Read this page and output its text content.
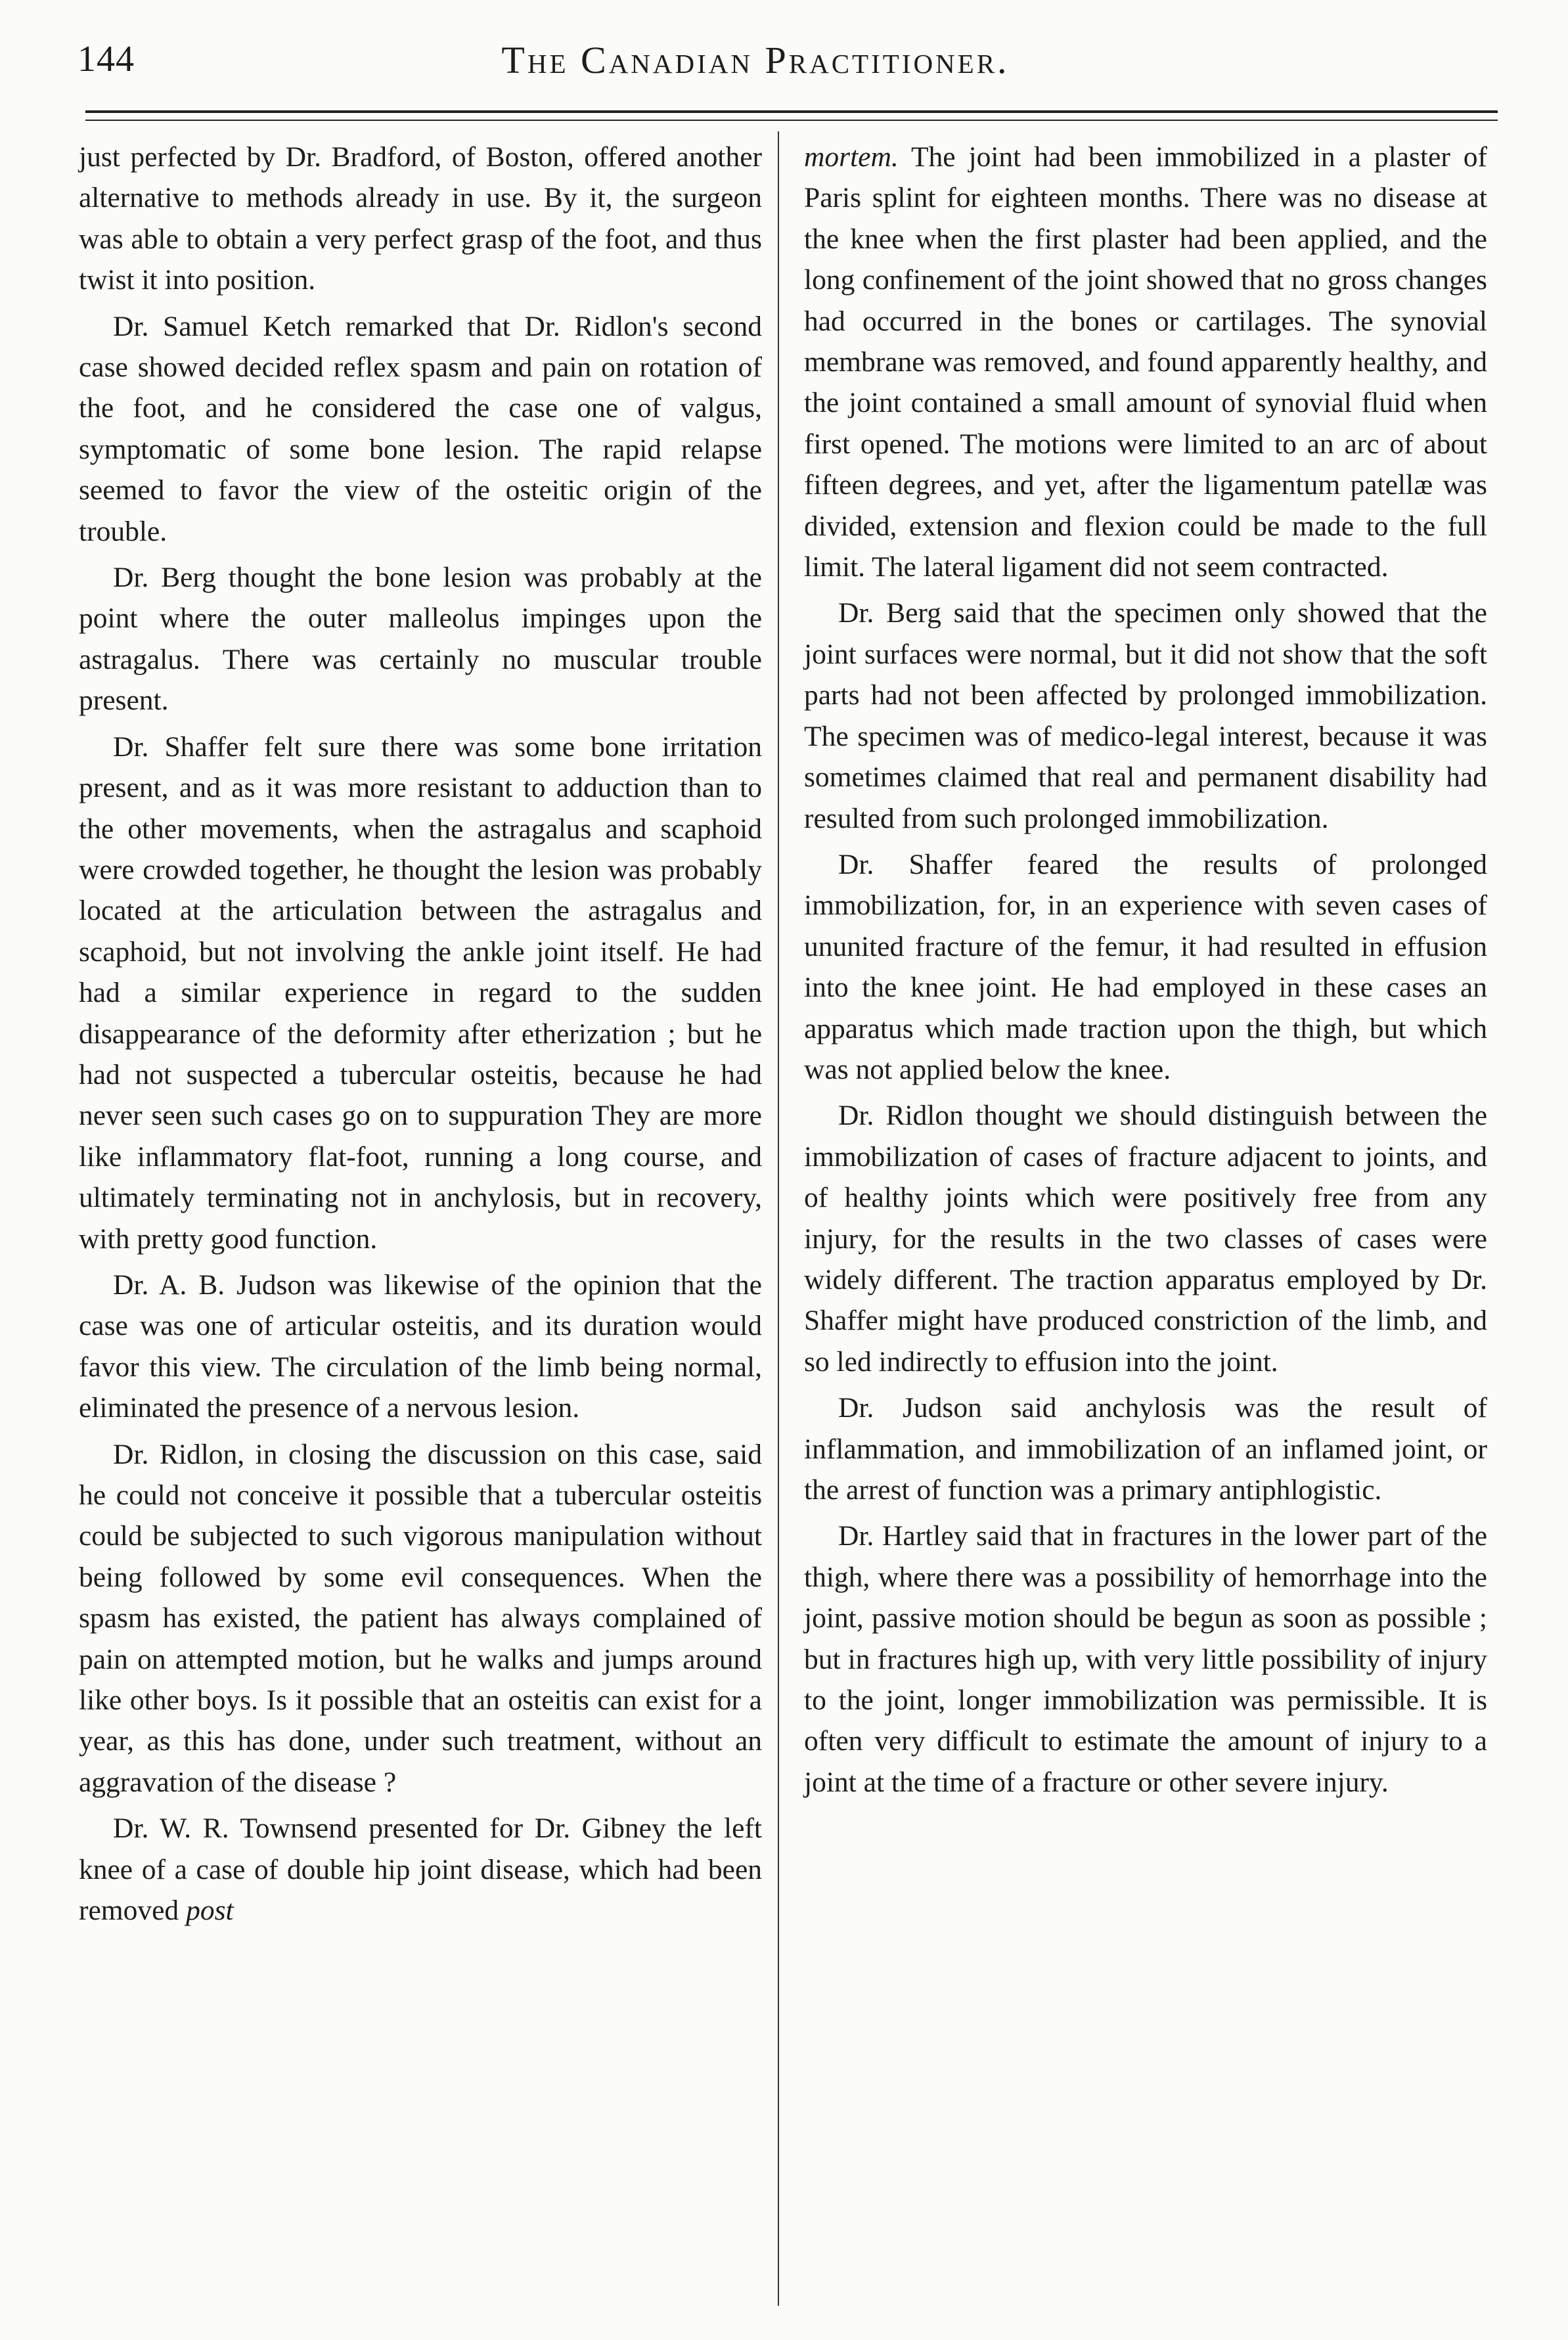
144	The Canadian Practitioner.

just perfected by Dr. Bradford, of Boston, offered another alternative to methods already in use. By it, the surgeon was able to obtain a very perfect grasp of the foot, and thus twist it into position.

Dr. Samuel Ketch remarked that Dr. Ridlon's second case showed decided reflex spasm and pain on rotation of the foot, and he considered the case one of valgus, symptomatic of some bone lesion. The rapid relapse seemed to favor the view of the osteitic origin of the trouble.

Dr. Berg thought the bone lesion was probably at the point where the outer malleolus impinges upon the astragalus. There was certainly no muscular trouble present.

Dr. Shaffer felt sure there was some bone irritation present, and as it was more resistant to adduction than to the other movements, when the astragalus and scaphoid were crowded together, he thought the lesion was probably located at the articulation between the astragalus and scaphoid, but not involving the ankle joint itself. He had had a similar experience in regard to the sudden disappearance of the deformity after etherization ; but he had not suspected a tubercular osteitis, because he had never seen such cases go on to suppuration They are more like inflammatory flat-foot, running a long course, and ultimately terminating not in anchylosis, but in recovery, with pretty good function.

Dr. A. B. Judson was likewise of the opinion that the case was one of articular osteitis, and its duration would favor this view. The circulation of the limb being normal, eliminated the presence of a nervous lesion.

Dr. Ridlon, in closing the discussion on this case, said he could not conceive it possible that a tubercular osteitis could be subjected to such vigorous manipulation without being followed by some evil consequences. When the spasm has existed, the patient has always complained of pain on attempted motion, but he walks and jumps around like other boys. Is it possible that an osteitis can exist for a year, as this has done, under such treatment, without an aggravation of the disease ?

Dr. W. R. Townsend presented for Dr. Gibney the left knee of a case of double hip joint disease, which had been removed post

mortem. The joint had been immobilized in a plaster of Paris splint for eighteen months. There was no disease at the knee when the first plaster had been applied, and the long confinement of the joint showed that no gross changes had occurred in the bones or cartilages. The synovial membrane was removed, and found apparently healthy, and the joint contained a small amount of synovial fluid when first opened. The motions were limited to an arc of about fifteen degrees, and yet, after the ligamentum patellæ was divided, extension and flexion could be made to the full limit. The lateral ligament did not seem contracted.

Dr. Berg said that the specimen only showed that the joint surfaces were normal, but it did not show that the soft parts had not been affected by prolonged immobilization. The specimen was of medico-legal interest, because it was sometimes claimed that real and permanent disability had resulted from such prolonged immobilization.

Dr. Shaffer feared the results of prolonged immobilization, for, in an experience with seven cases of ununited fracture of the femur, it had resulted in effusion into the knee joint. He had employed in these cases an apparatus which made traction upon the thigh, but which was not applied below the knee.

Dr. Ridlon thought we should distinguish between the immobilization of cases of fracture adjacent to joints, and of healthy joints which were positively free from any injury, for the results in the two classes of cases were widely different. The traction apparatus employed by Dr. Shaffer might have produced constriction of the limb, and so led indirectly to effusion into the joint.

Dr. Judson said anchylosis was the result of inflammation, and immobilization of an inflamed joint, or the arrest of function was a primary antiphlogistic.

Dr. Hartley said that in fractures in the lower part of the thigh, where there was a possibility of hemorrhage into the joint, passive motion should be begun as soon as possible ; but in fractures high up, with very little possibility of injury to the joint, longer immobilization was permissible. It is often very difficult to estimate the amount of injury to a joint at the time of a fracture or other severe injury.
